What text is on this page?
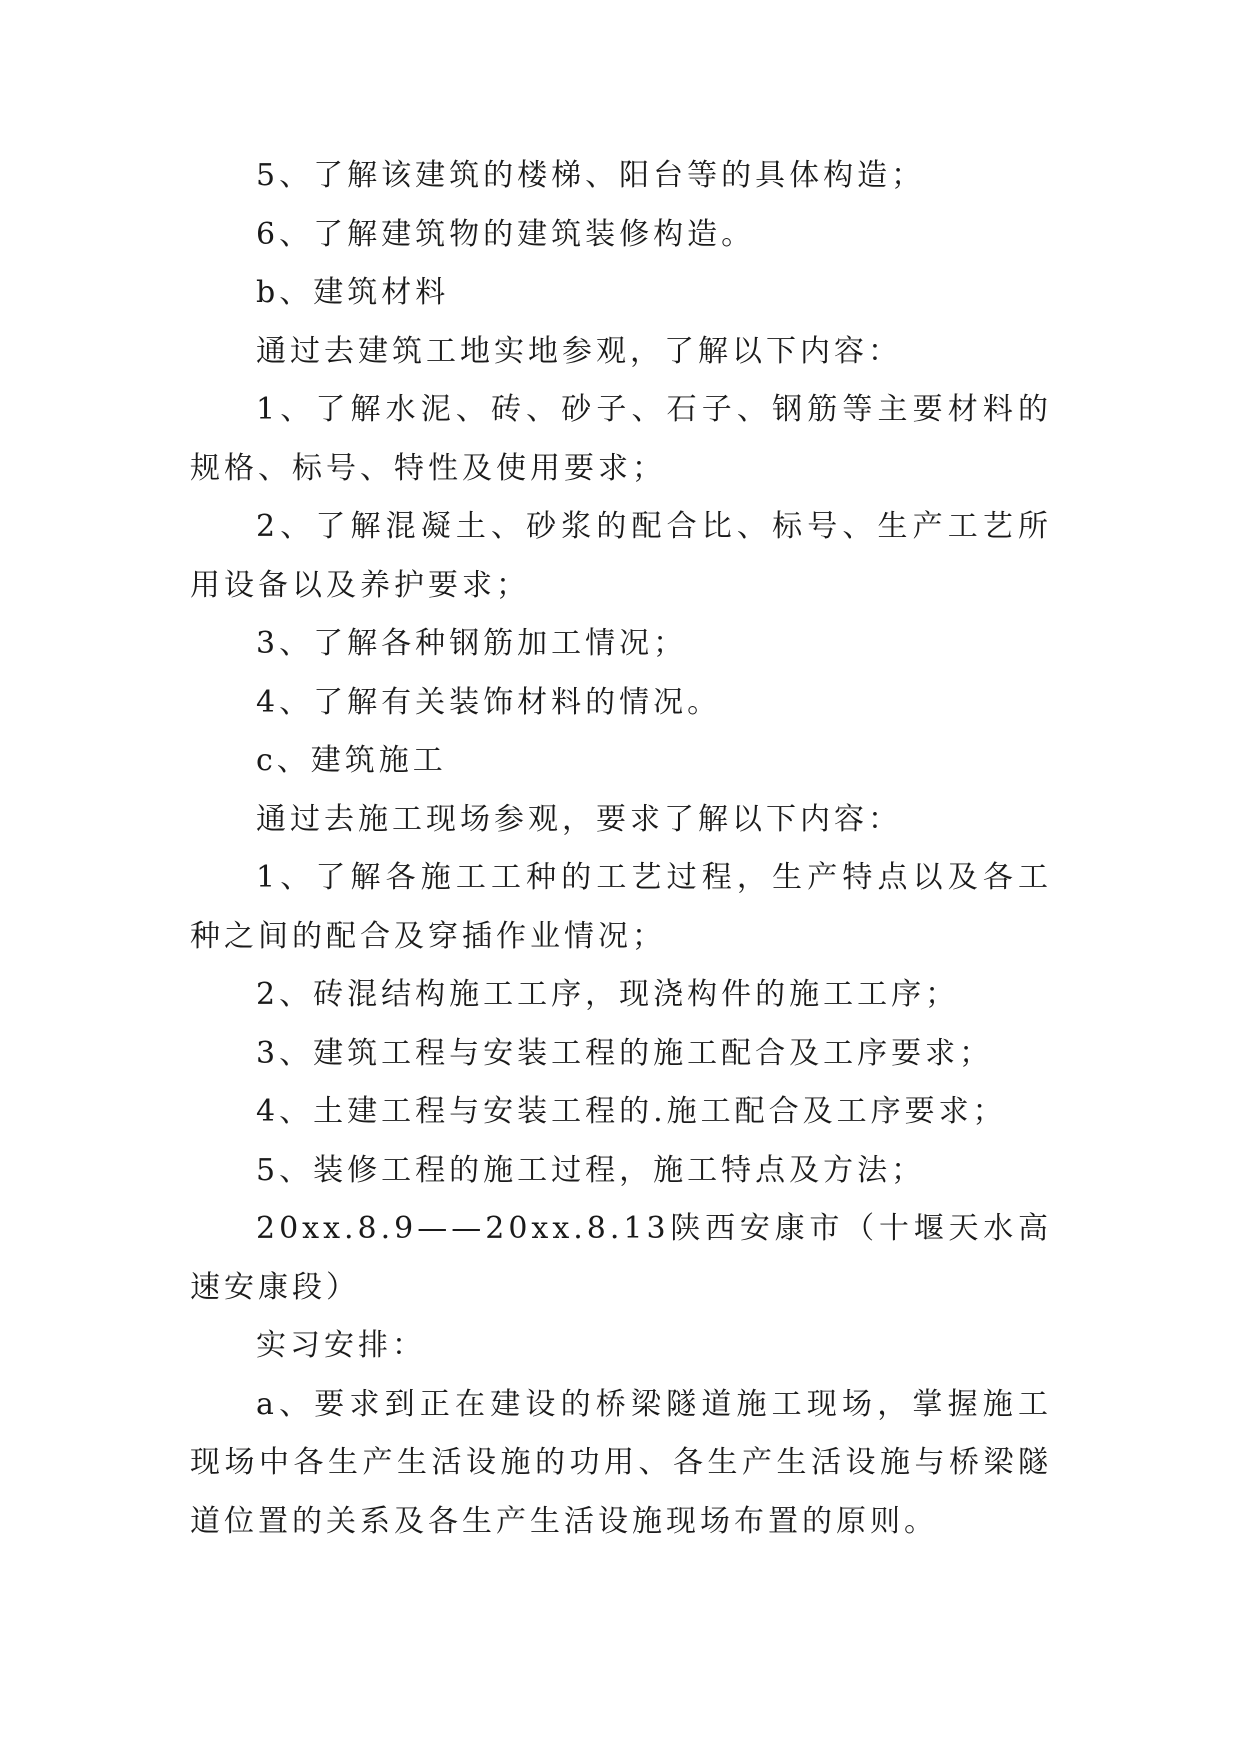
5、了解该建筑的楼梯、阳台等的具体构造；

6、了解建筑物的建筑装修构造。

b、建筑材料

通过去建筑工地实地参观，了解以下内容：

1、了解水泥、砖、砂子、石子、钢筋等主要材料的规格、标号、特性及使用要求；

2、了解混凝土、砂浆的配合比、标号、生产工艺所用设备以及养护要求；

3、了解各种钢筋加工情况；

4、了解有关装饰材料的情况。

c、建筑施工

通过去施工现场参观，要求了解以下内容：

1、了解各施工工种的工艺过程，生产特点以及各工种之间的配合及穿插作业情况；

2、砖混结构施工工序，现浇构件的施工工序；

3、建筑工程与安装工程的施工配合及工序要求；

4、土建工程与安装工程的.施工配合及工序要求；

5、装修工程的施工过程，施工特点及方法；

20xx.8.9——20xx.8.13陕西安康市（十堰天水高速安康段）

实习安排：

a、要求到正在建设的桥梁隧道施工现场，掌握施工现场中各生产生活设施的功用、各生产生活设施与桥梁隧道位置的关系及各生产生活设施现场布置的原则。
